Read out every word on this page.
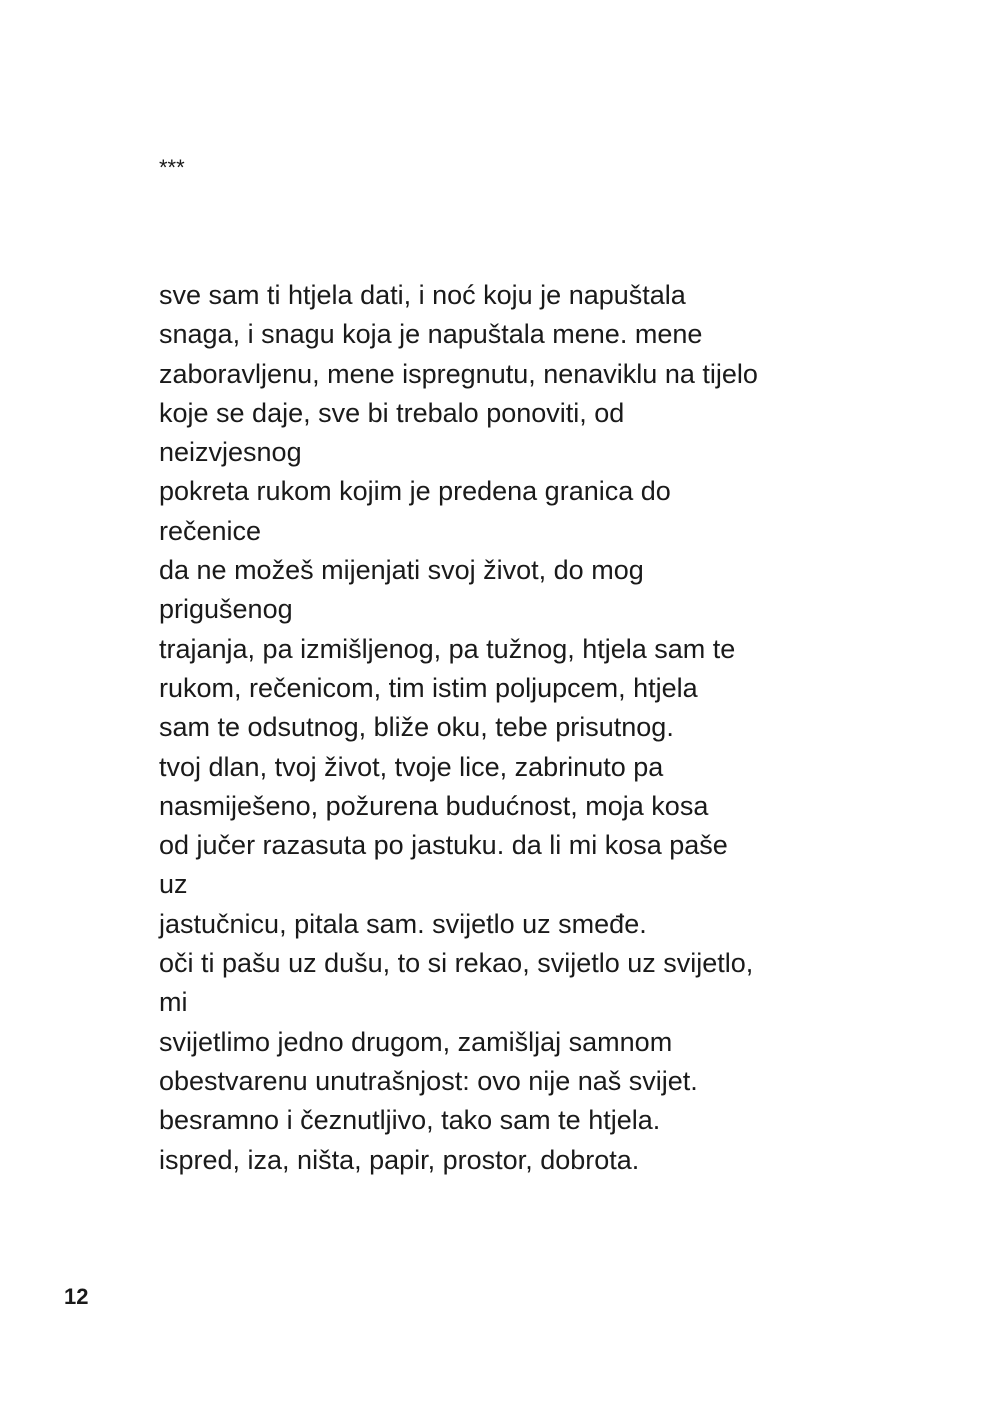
***
sve sam ti htjela dati, i noć koju je napuštala
snaga, i snagu koja je napuštala mene. mene
zaboravljenu, mene ispregnutu, nenaviklu na tijelo
koje se daje, sve bi trebalo ponoviti, od
neizvjesnog
pokreta rukom kojim je predena granica do
rečenice
da ne možeš mijenjati svoj život, do mog
prigušenog
trajanja, pa izmišljenog, pa tužnog, htjela sam te
rukom, rečenicom, tim istim poljupcem, htjela
sam te odsutnog, bliže oku, tebe prisutnog.
tvoj dlan, tvoj život, tvoje lice, zabrinuto pa
nasmiješeno, požurena budućnost, moja kosa
od jučer razasuta po jastuku. da li mi kosa paše
uz
jastučnicu, pitala sam. svijetlo uz smeđe.
oči ti pašu uz dušu, to si rekao, svijetlo uz svijetlo,
mi
svijetlimo jedno drugom, zamišljaj samnom
obestvarenu unutrašnjost: ovo nije naš svijet.
besramno i čeznutljivo, tako sam te htjela.
ispred, iza, ništa, papir, prostor, dobrota.
12
